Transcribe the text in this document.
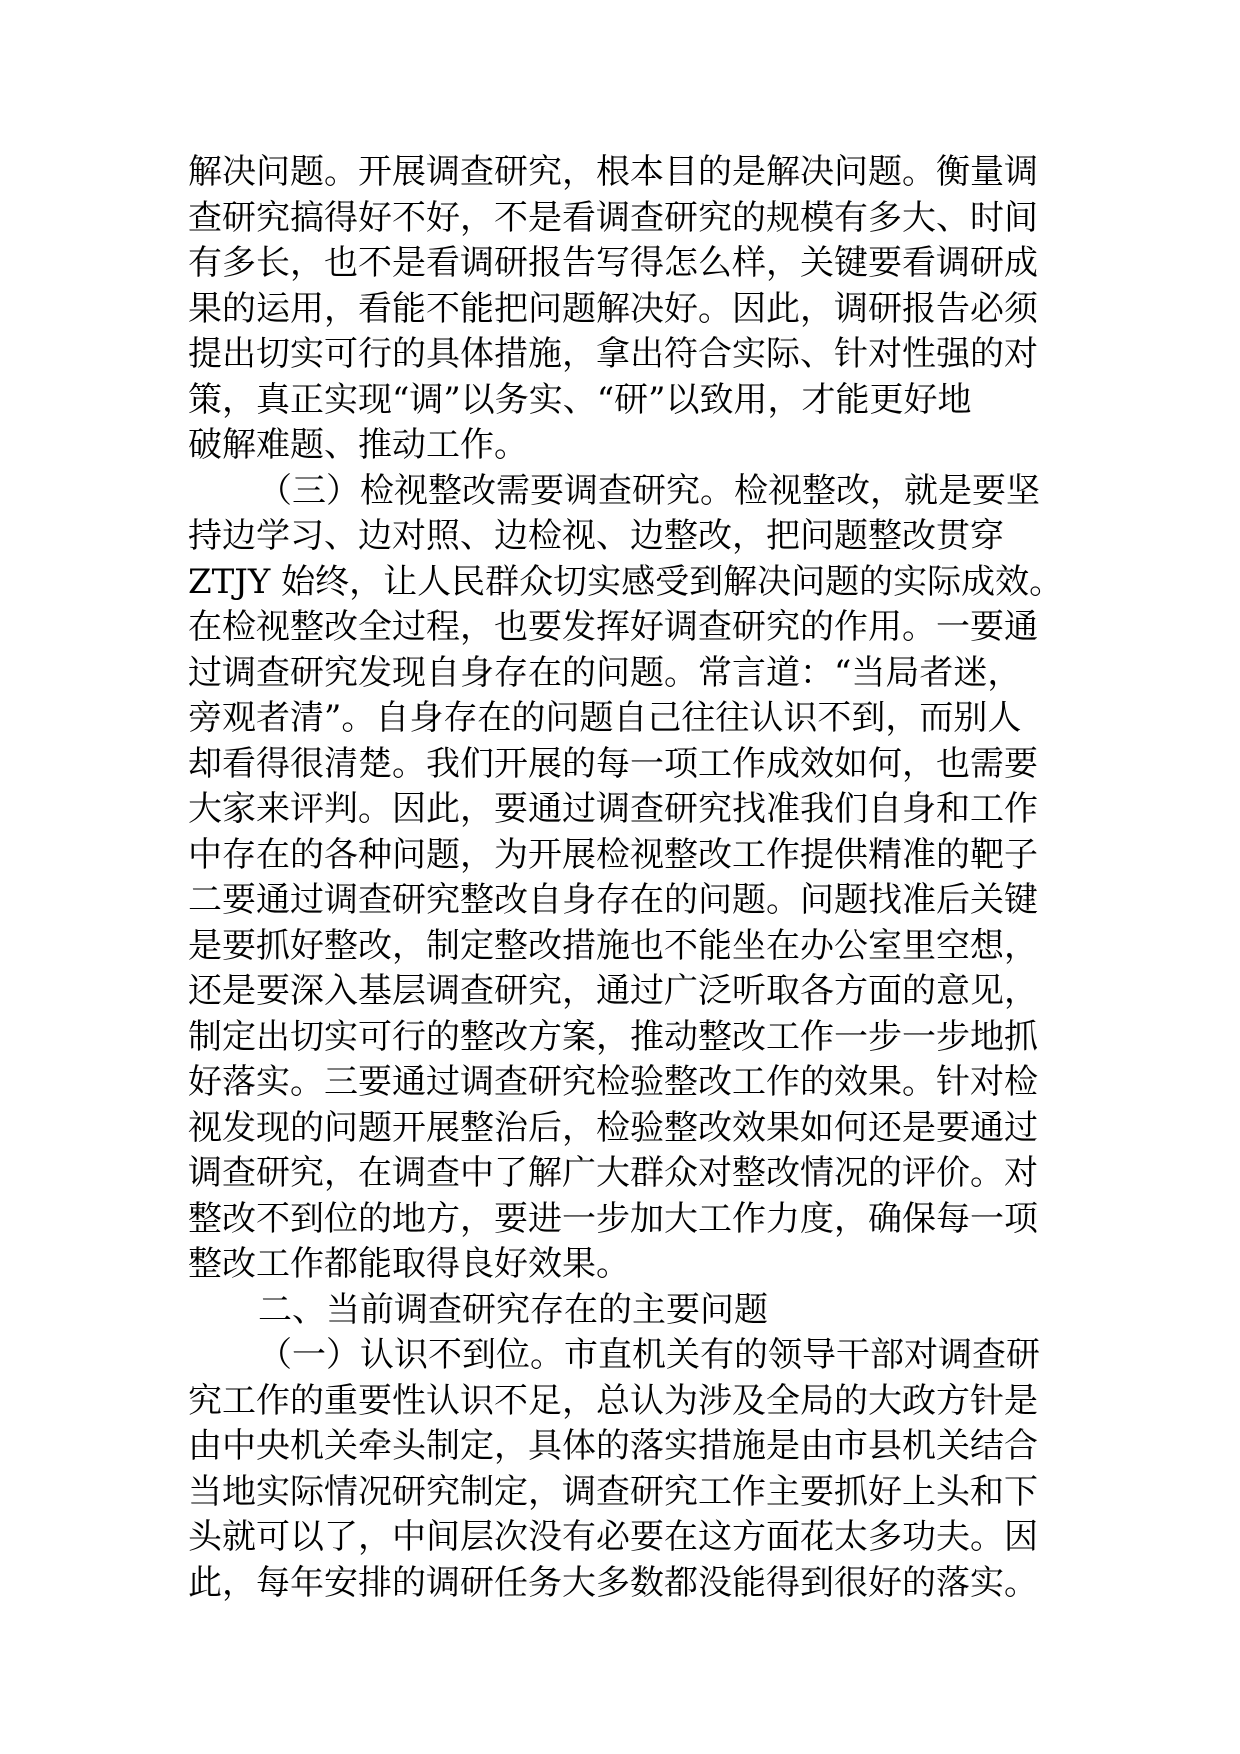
解决问题。开展调查研究，根本目的是解决问题。衡量调
查研究搞得好不好，不是看调查研究的规模有多大、时间
有多长，也不是看调研报告写得怎么样，关键要看调研成
果的运用，看能不能把问题解决好。因此，调研报告必须
提出切实可行的具体措施，拿出符合实际、针对性强的对
策，真正实现“调”以务实、“研”以致用，才能更好地
破解难题、推动工作。
（三）检视整改需要调查研究。检视整改，就是要坚
持边学习、边对照、边检视、边整改，把问题整改贯穿
ZTJY 始终，让人民群众切实感受到解决问题的实际成效。
在检视整改全过程，也要发挥好调查研究的作用。一要通
过调查研究发现自身存在的问题。常言道：“当局者迷，
旁观者清”。自身存在的问题自己往往认识不到，而别人
却看得很清楚。我们开展的每一项工作成效如何，也需要
大家来评判。因此，要通过调查研究找准我们自身和工作
中存在的各种问题，为开展检视整改工作提供精准的靶子
二要通过调查研究整改自身存在的问题。问题找准后关键
是要抓好整改，制定整改措施也不能坐在办公室里空想，
还是要深入基层调查研究，通过广泛听取各方面的意见，
制定出切实可行的整改方案，推动整改工作一步一步地抓
好落实。三要通过调查研究检验整改工作的效果。针对检
视发现的问题开展整治后，检验整改效果如何还是要通过
调查研究，在调查中了解广大群众对整改情况的评价。对
整改不到位的地方，要进一步加大工作力度，确保每一项
整改工作都能取得良好效果。
二、当前调查研究存在的主要问题
（一）认识不到位。市直机关有的领导干部对调查研
究工作的重要性认识不足，总认为涉及全局的大政方针是
由中央机关牵头制定，具体的落实措施是由市县机关结合
当地实际情况研究制定，调查研究工作主要抓好上头和下
头就可以了，中间层次没有必要在这方面花太多功夫。因
此，每年安排的调研任务大多数都没能得到很好的落实。
